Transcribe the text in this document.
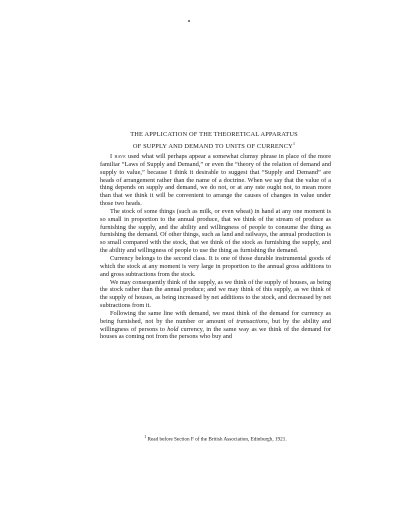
THE APPLICATION OF THE THEORETICAL APPARATUS
OF SUPPLY AND DEMAND TO UNITS OF CURRENCY$^1$

I have used what will perhaps appear a somewhat clumsy phrase in place of the more familiar “Laws of Supply and Demand,” or even the “theory of the relation of demand and supply to value,” because I think it desirable to suggest that “Supply and Demand” are heads of arrangement rather than the name of a doctrine. When we say that the value of a thing depends on supply and demand, we do not, or at any rate ought not, to mean more than that we think it will be convenient to arrange the causes of changes in value under those two heads.

The stock of some things (such as milk, or even wheat) in hand at any one moment is so small in proportion to the annual produce, that we think of the stream of produce as furnishing the supply, and the ability and willingness of people to consume the thing as furnishing the demand. Of other things, such as land and railways, the annual production is so small compared with the stock, that we think of the stock as furnishing the supply, and the ability and willingness of people to use the thing as furnishing the demand.

Currency belongs to the second class. It is one of those durable instrumental goods of which the stock at any moment is very large in proportion to the annual gross additions to and gross subtractions from the stock.

We may consequently think of the supply, as we think of the supply of houses, as being the stock rather than the annual produce; and we may think of this supply, as we think of the supply of houses, as being increased by net additions to the stock, and decreased by net subtractions from it.

Following the same line with demand, we must think of the demand for currency as being furnished, not by the number or amount of transactions, but by the ability and willingness of persons to hold currency, in the same way as we think of the demand for houses as coming not from the persons who buy and

$^1$ Read before Section F of the British Association, Edinburgh, 1921.
